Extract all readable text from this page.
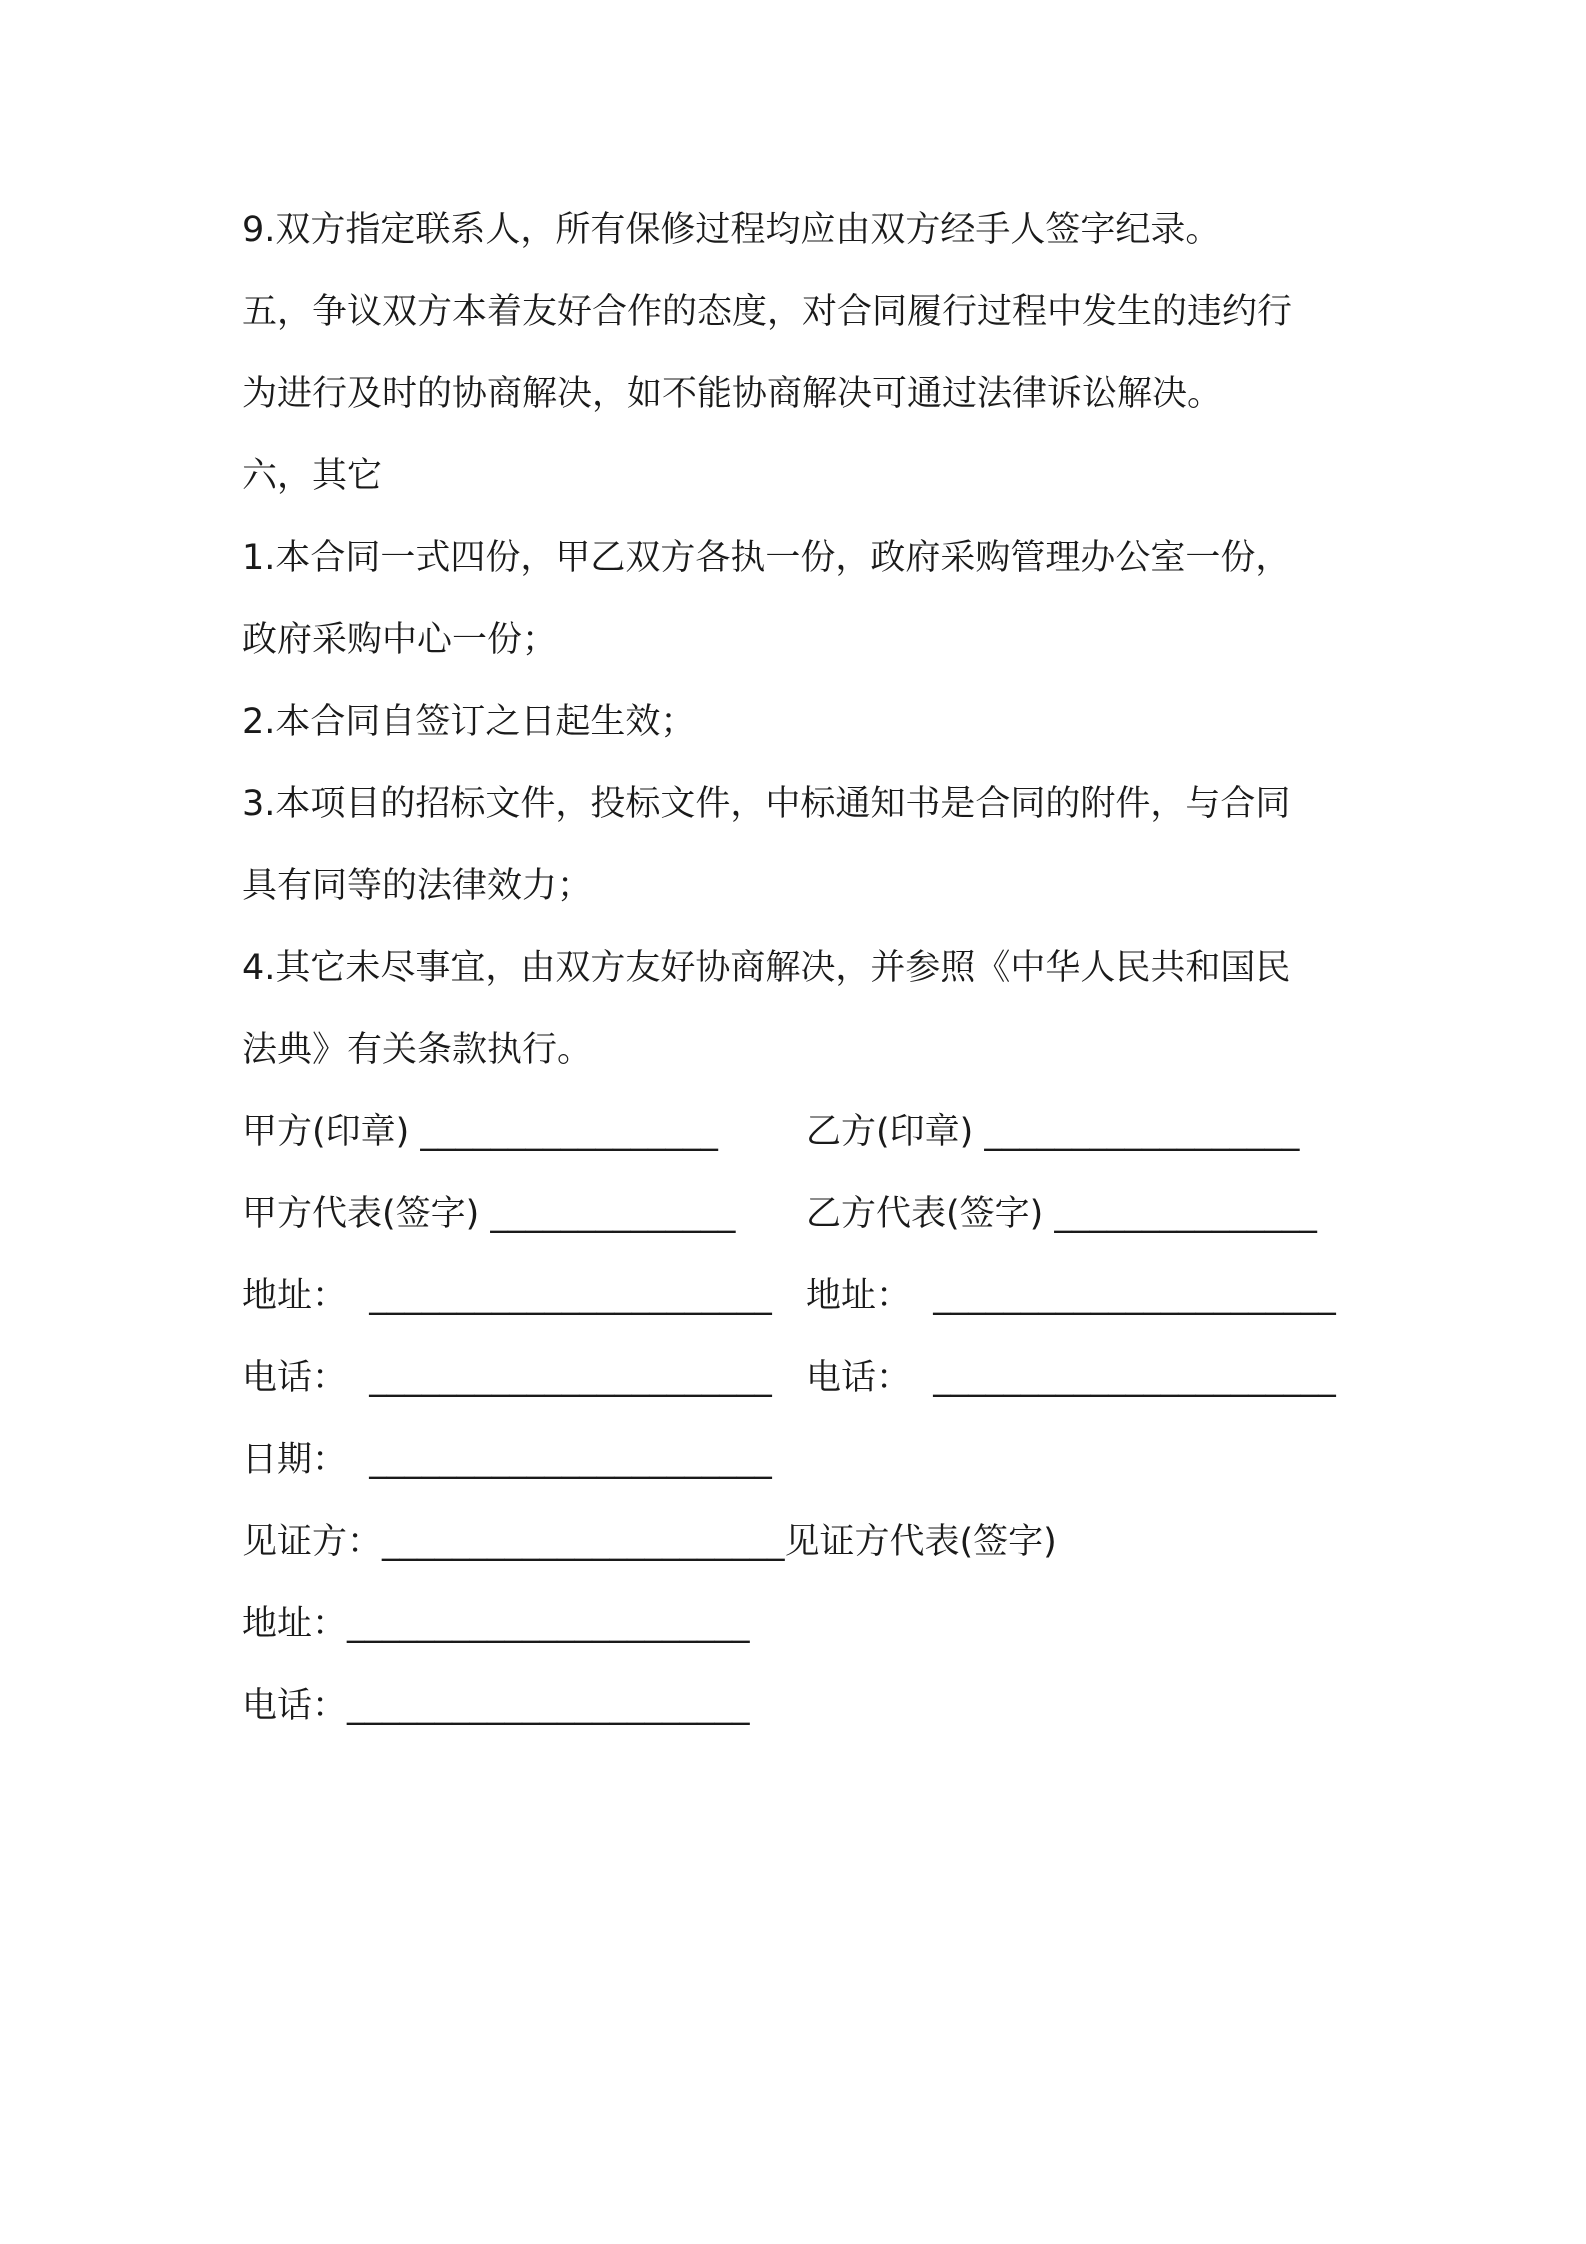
9.双方指定联系人，所有保修过程均应由双方经手人签字纪录。
五，争议双方本着友好合作的态度，对合同履行过程中发生的违约行
为进行及时的协商解决，如不能协商解决可通过法律诉讼解决。
六，其它
1.本合同一式四份，甲乙双方各执一份，政府采购管理办公室一份，
政府采购中心一份；
2.本合同自签订之日起生效；
3.本项目的招标文件，投标文件，中标通知书是合同的附件，与合同
具有同等的法律效力；
4.其它未尽事宜，由双方友好协商解决，并参照《中华人民共和国民
法典》有关条款执行。
甲方(印章) _________________	乙方(印章) __________________
甲方代表(签字) ______________ 乙方代表(签字) _______________
地址：  _______________________ 地址：  _______________________
电话：  _______________________ 电话：  _______________________
日期：  _______________________
见证方：_______________________见证方代表(签字)
地址：_______________________
电话：_______________________
